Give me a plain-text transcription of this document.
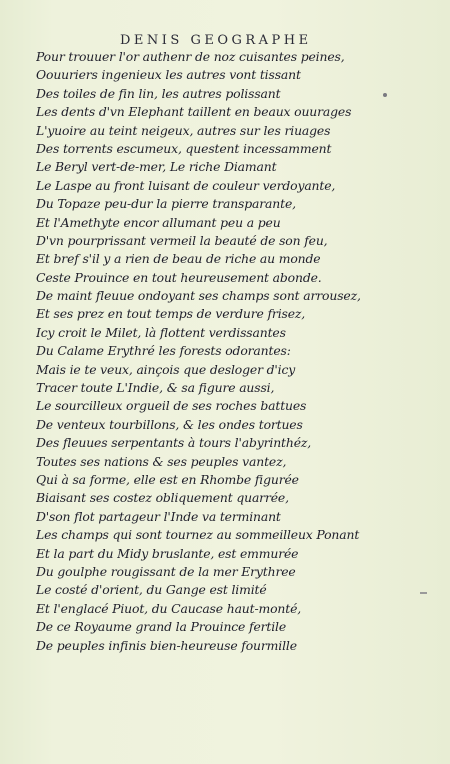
DENIS GEOGRAPHE
Pour trouuer l'or authenr de noz cuisantes peines,
Oouuriers ingenieux les autres vont tissant
Des toiles de fin lin, les autres polissant
Les dents d'vn Elephant taillent en beaux ouurages
L'yuoire au teint neigeux, autres sur les riuages
Des torrents escumeux, questent incessamment
Le Beryl vert-de-mer, Le riche Diamant
Le Laspe au front luisant de couleur verdoyante,
Du Topaze peu-dur la pierre transparante,
Et l'Amethyte encor allumant peu a peu
D'vn pourprissant vermeil la beauté de son feu,
Et bref s'il y a rien de beau de riche au monde
Ceste Prouince en tout heureusement abonde.
De maint fleuue ondoyant ses champs sont arrousez,
Et ses prez en tout temps de verdure frisez,
Icy croit le Milet, là flottent verdissantes
Du Calame Erythré les forests odorantes:
Mais ie te veux, ainçois que desloger d'icy
Tracer toute L'Indie, & sa figure aussi,
Le sourcilleux orgueil de ses roches battues
De venteux tourbillons, & les ondes tortues
Des fleuues serpentants à tours l'abyrinthéz,
Toutes ses nations & ses peuples vantez,
Qui à sa forme, elle est en Rhombe figurée
Biaisant ses costez obliquement quarrée,
D'son flot partageur l'Inde va terminant
Les champs qui sont tournez au sommeilleux Ponant
Et la part du Midy bruslante, est emmurée
Du goulphe rougissant de la mer Erythree
Le costé d'orient, du Gange est limité
Et l'englacé Piuot, du Caucase haut-monté,
De ce Royaume grand la Prouince fertile
De peuples infinis bien-heureuse fourmille
